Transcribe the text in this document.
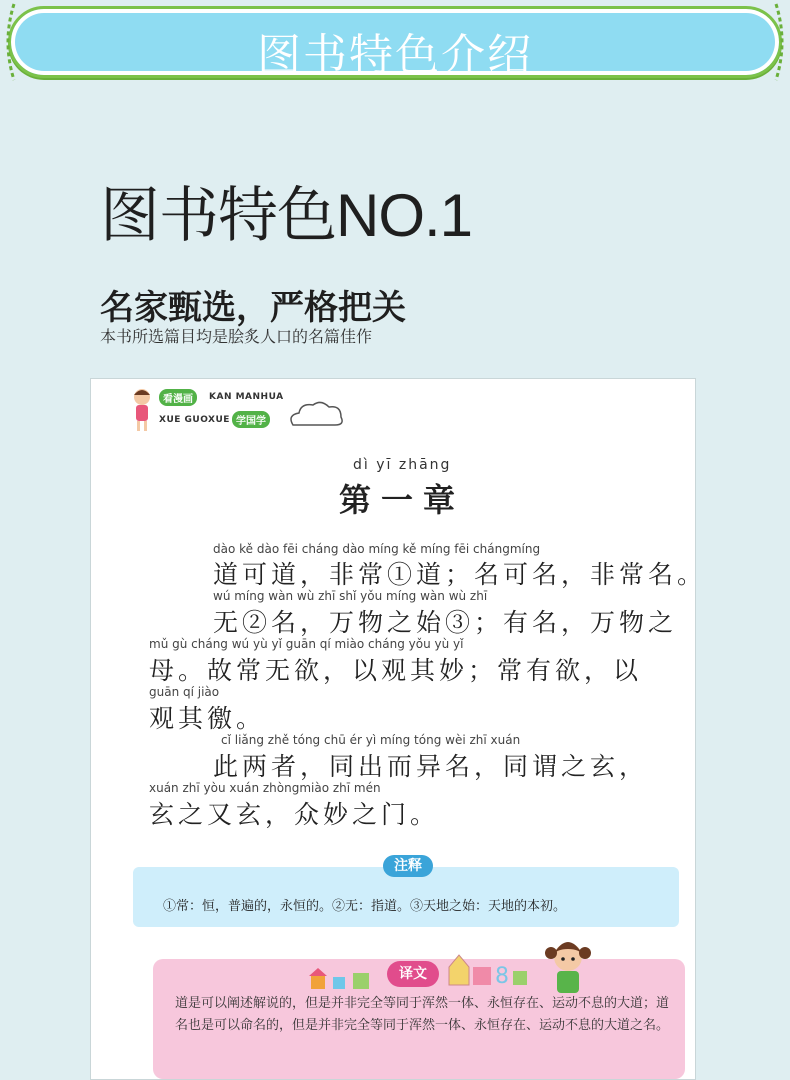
图书特色介绍
图书特色NO.1
名家甄选，严格把关
本书所选篇目均是脍炙人口的名篇佳作
看漫画	KAN MANHUA
XUE GUOXUE 学国学
dì yī zhāng
第一章
dào kě dào fēi cháng dào míng kě míng fēi chángmíng
道可道，非常①道；名可名，非常名。
wú míng wàn wù zhī shǐ yǒu míng wàn wù zhī
无②名，万物之始③；有名，万物之
mǔ gù cháng wú yù yǐ guān qí miào cháng yǒu yù yǐ
母。故常无欲，以观其妙；常有欲，以
guān qí jiào
观其徼。
cǐ liǎng zhě tóng chū ér yì míng tóng wèi zhī xuán
此两者，同出而异名，同谓之玄，
xuán zhī yòu xuán zhòngmiào zhī mén
玄之又玄，众妙之门。
注释
①常：恒，普遍的，永恒的。②无：指道。③天地之始：天地的本初。
译文	8
道是可以阐述解说的，但是并非完全等同于浑然一体、永恒存在、运动不息的大道；道名也是可以命名的，但是并非完全等同于浑然一体、永恒存在、运动不息的大道之名。
